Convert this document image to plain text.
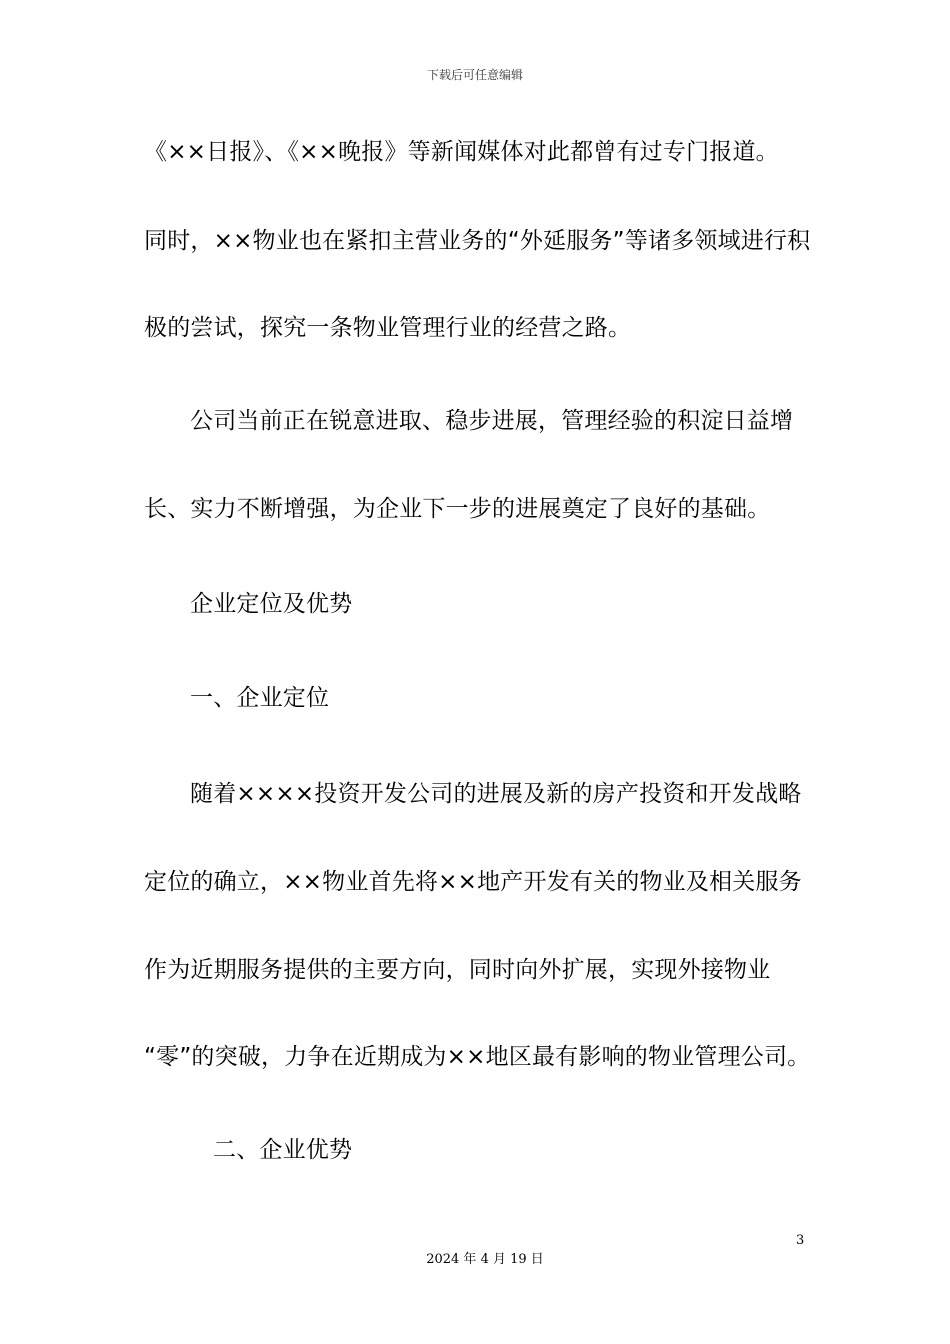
下载后可任意编辑
《××日报》、《××晚报》等新闻媒体对此都曾有过专门报道。
同时，××物业也在紧扣主营业务的“外延服务”等诸多领域进行积
极的尝试，探究一条物业管理行业的经营之路。
公司当前正在锐意进取、稳步进展，管理经验的积淀日益增
长、实力不断增强，为企业下一步的进展奠定了良好的基础。
企业定位及优势
一、企业定位
随着××××投资开发公司的进展及新的房产投资和开发战略
定位的确立，××物业首先将××地产开发有关的物业及相关服务
作为近期服务提供的主要方向，同时向外扩展，实现外接物业
“零”的突破，力争在近期成为××地区最有影响的物业管理公司。
二、企业优势
3
2024 年 4 月 19 日
